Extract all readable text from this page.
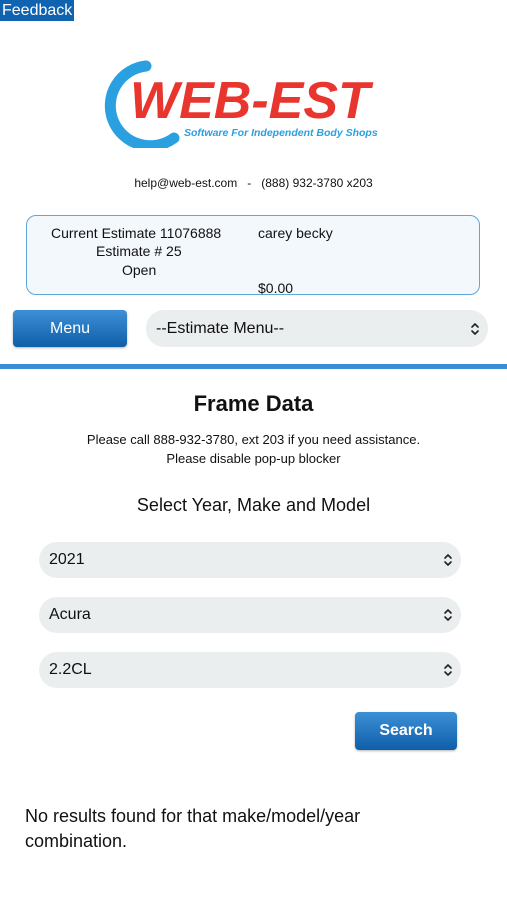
Feedback
WEB-EST
Software For Independent Body Shops
help@web-est.com - (888) 932-3780 x203
Current Estimate 11076888	carey becky
Estimate # 25
Open
$0.00
Menu	--Estimate Menu--
Frame Data
Please call 888-932-3780, ext 203 if you need assistance.
Please disable pop-up blocker
Select Year, Make and Model
2021
Acura
2.2CL
Search
No results found for that make/model/year combination.
